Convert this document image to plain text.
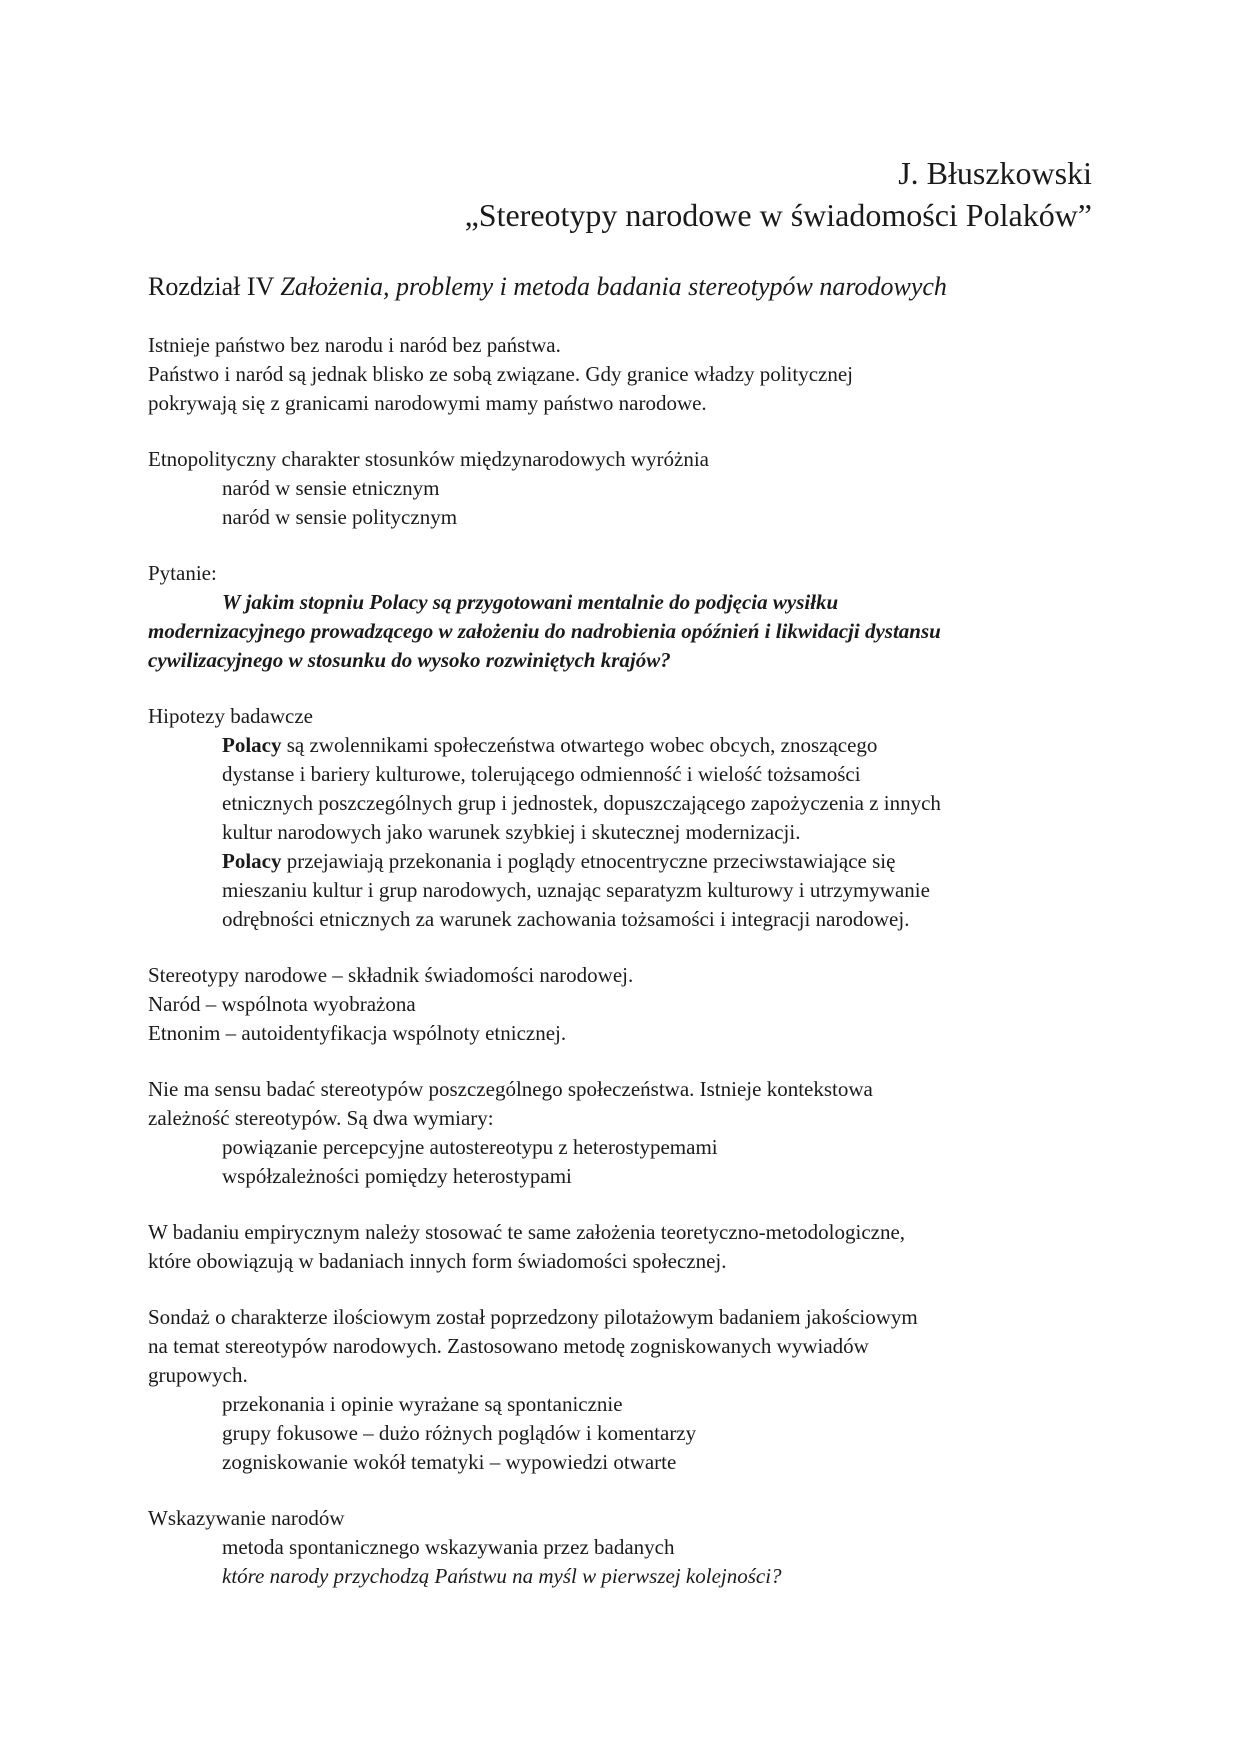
J. Błuszkowski
„Stereotypy narodowe w świadomości Polaków”
Rozdział IV Założenia, problemy i metoda badania stereotypów narodowych
Istnieje państwo bez narodu i naród bez państwa.
Państwo i naród są jednak blisko ze sobą związane. Gdy granice władzy politycznej
pokrywają się z granicami narodowymi mamy państwo narodowe.
Etnopolityczny charakter stosunków międzynarodowych wyróżnia
naród w sensie etnicznym
naród w sensie politycznym
Pytanie:
W jakim stopniu Polacy są przygotowani mentalnie do podjęcia wysiłku
modernizacyjnego prowadzącego w założeniu do nadrobienia opóźnień i likwidacji dystansu
cywilizacyjnego w stosunku do wysoko rozwiniętych krajów?
Hipotezy badawcze
Polacy są zwolennikami społeczeństwa otwartego wobec obcych, znoszącego
dystanse i bariery kulturowe, tolerującego odmienność i wielość tożsamości
etnicznych poszczególnych grup i jednostek, dopuszczającego zapożyczenia z innych
kultur narodowych jako warunek szybkiej i skutecznej modernizacji.
Polacy przejawiają przekonania i poglądy etnocentryczne przeciwstawiające się
mieszaniu kultur i grup narodowych, uznając separatyzm kulturowy i utrzymywanie
odrębności etnicznych za warunek zachowania tożsamości i integracji narodowej.
Stereotypy narodowe – składnik świadomości narodowej.
Naród – wspólnota wyobrażona
Etnonim – autoidentyfikacja wspólnoty etnicznej.
Nie ma sensu badać stereotypów poszczególnego społeczeństwa. Istnieje kontekstowa
zależność stereotypów. Są dwa wymiary:
powiązanie percepcyjne autostereotypu z heterostypemami
współzależności pomiędzy heterostypami
W badaniu empirycznym należy stosować te same założenia teoretyczno-metodologiczne,
które obowiązują w badaniach innych form świadomości społecznej.
Sondaż o charakterze ilościowym został poprzedzony pilotażowym badaniem jakościowym
na temat stereotypów narodowych. Zastosowano metodę zogniskowanych wywiadów
grupowych.
przekonania i opinie wyrażane są spontanicznie
grupy fokusowe – dużo różnych poglądów i komentarzy
zogniskowanie wokół tematyki – wypowiedzi otwarte
Wskazywanie narodów
metoda spontanicznego wskazywania przez badanych
które narody przychodzą Państwu na myśl w pierwszej kolejności?
